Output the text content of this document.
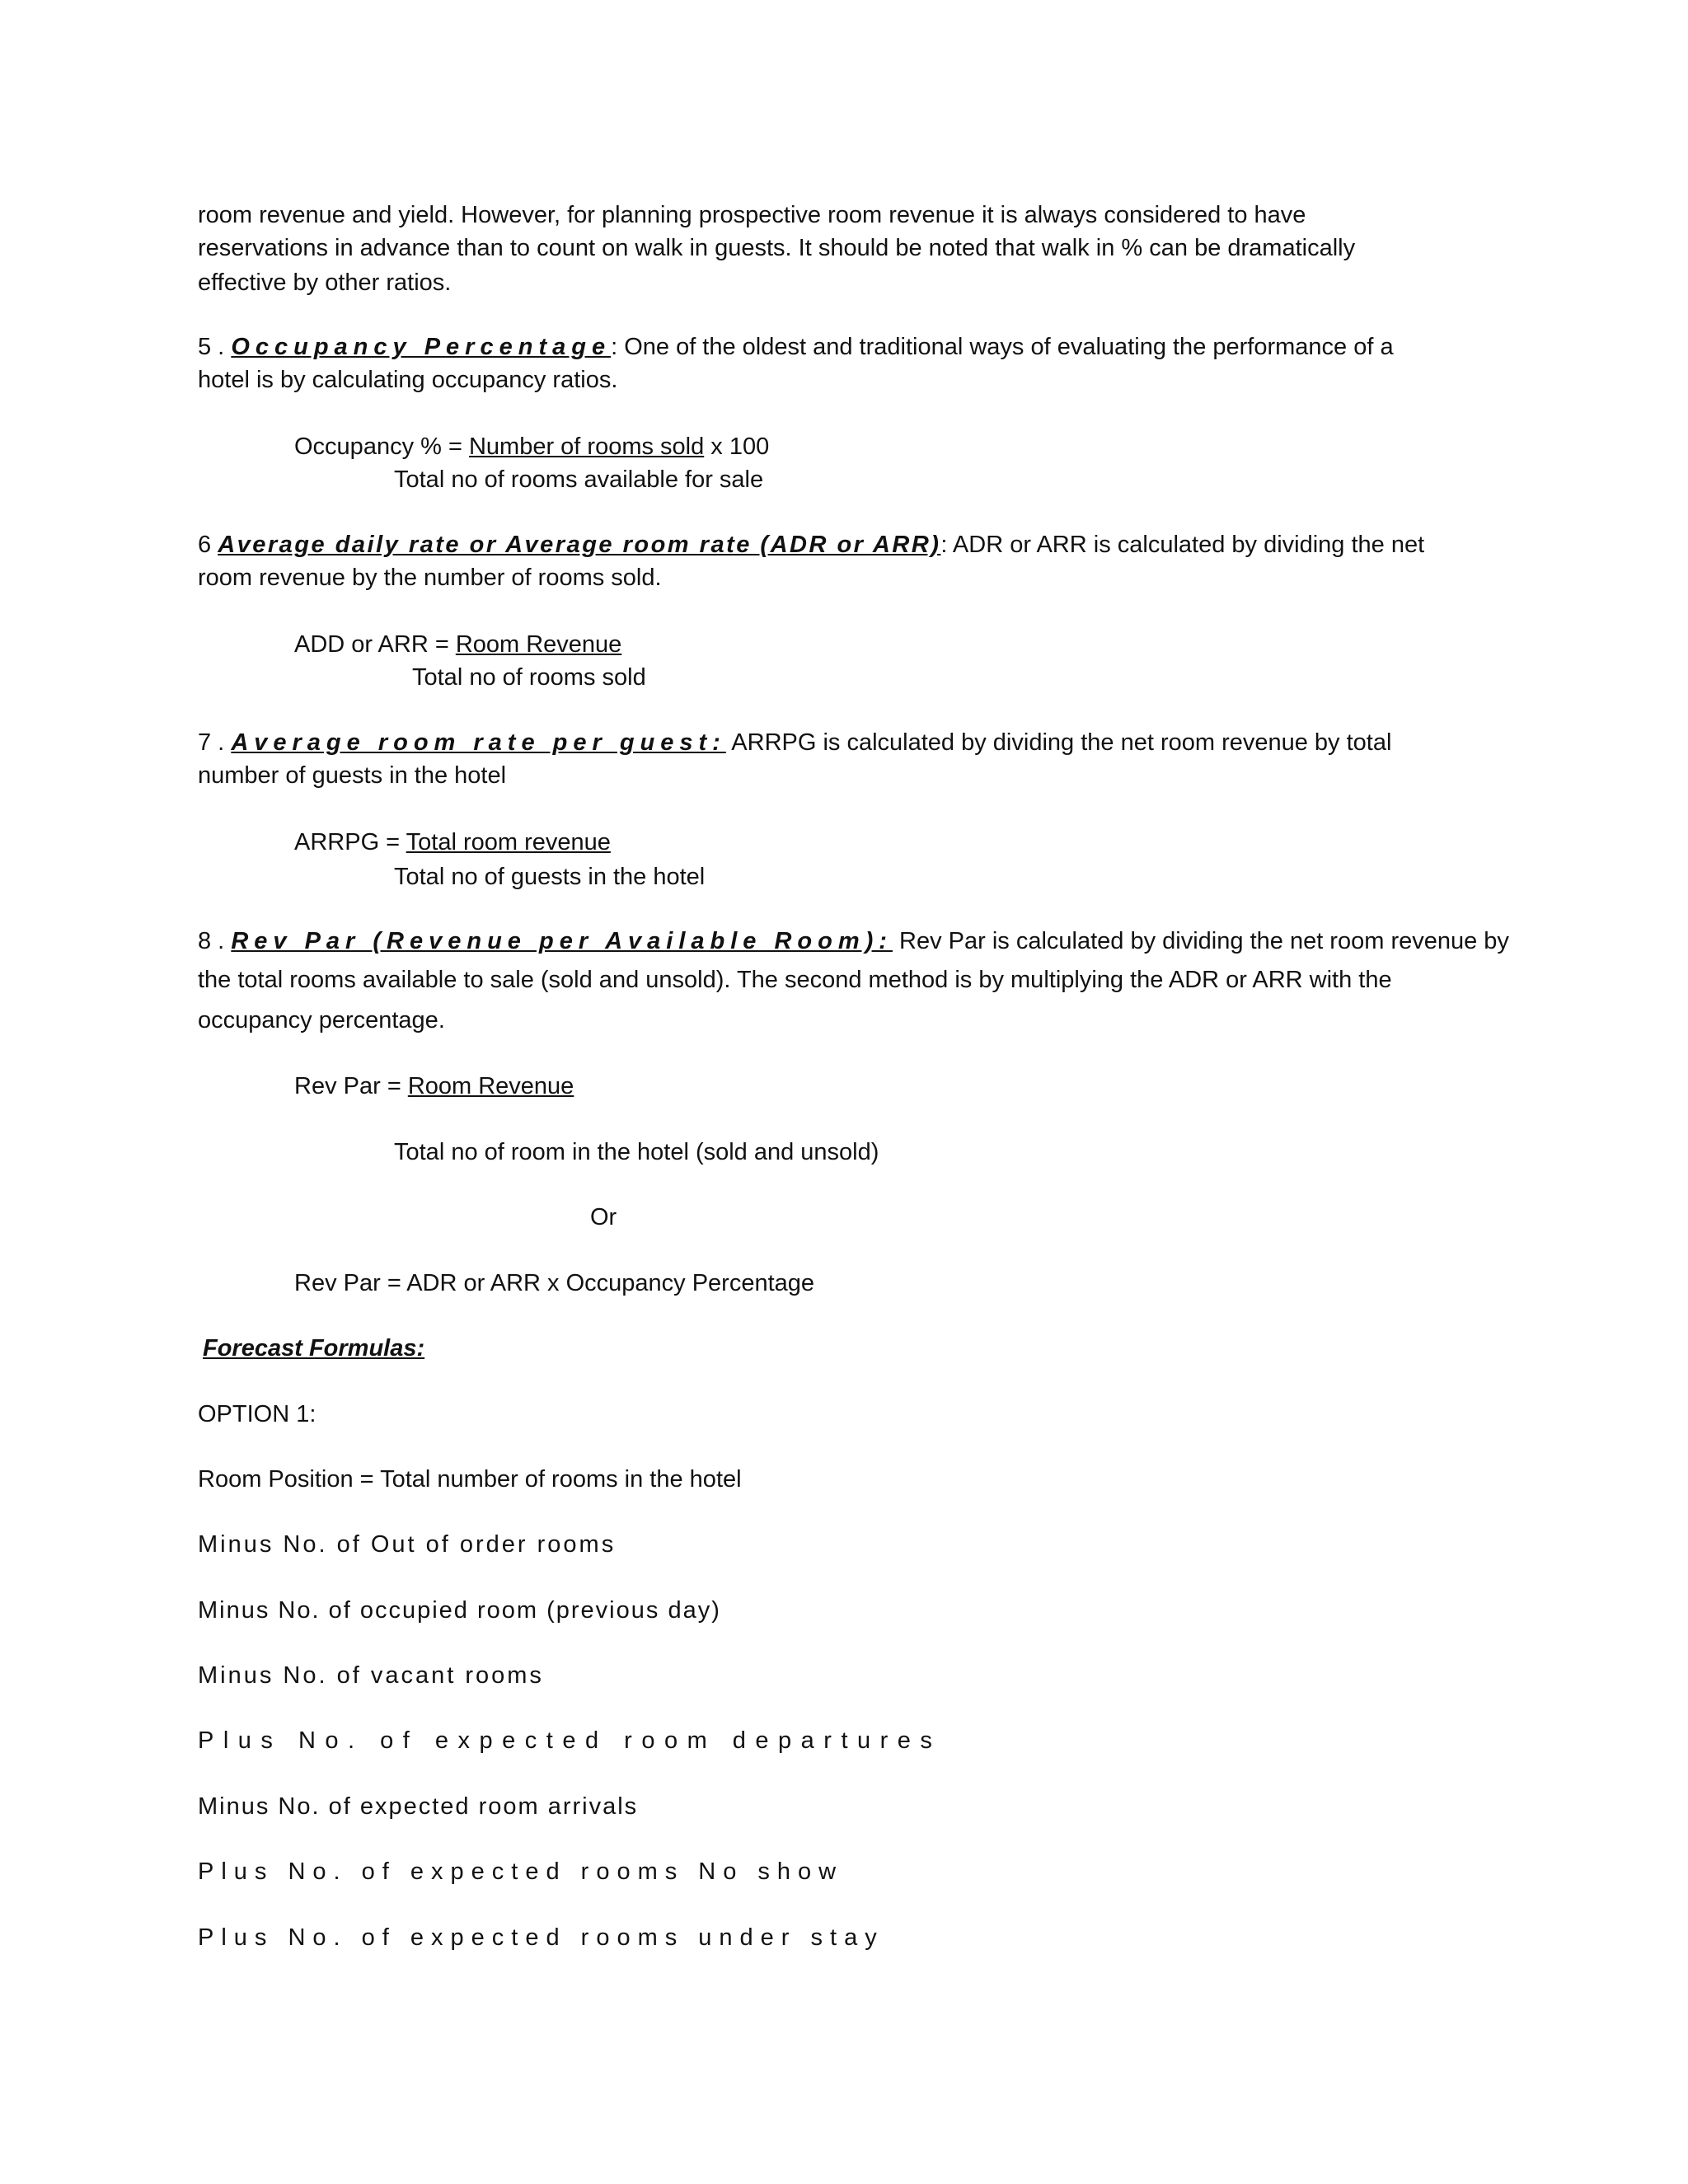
room revenue and yield. However, for planning prospective room revenue it is always considered to have
reservations in advance than to count on walk in guests. It should be noted that walk in % can be dramatically
effective by other ratios.
5 . Occupancy Percentage: One of the oldest and traditional ways of evaluating the performance of a
hotel is by calculating occupancy ratios.
Occupancy % = Number of rooms sold x 100
Total no of rooms available for sale
6 Average daily rate or Average room rate (ADR or ARR): ADR or ARR is calculated by dividing the net
room revenue by the number of rooms sold.
ADD or ARR = Room Revenue
Total no of rooms sold
7 . Average room rate per guest: ARRPG is calculated by dividing the net room revenue by total
number of guests in the hotel
ARRPG = Total room revenue
Total no of guests in the hotel
8 . Rev Par (Revenue per Available Room): Rev Par is calculated by dividing the net room revenue by
the total rooms available to sale (sold and unsold). The second method is by multiplying the ADR or ARR with the
occupancy percentage.
Rev Par = Room Revenue
Total no of room in the hotel (sold and unsold)
Or
Rev Par = ADR or ARR x Occupancy Percentage
Forecast Formulas:
OPTION 1:
Room Position = Total number of rooms in the hotel
Minus No. of Out of order rooms
Minus No. of occupied room (previous day)
Minus No. of vacant rooms
Plus No. of expected room departures
Minus No. of expected room arrivals
Plus No. of expected rooms No show
Plus No. of expected rooms under stay
